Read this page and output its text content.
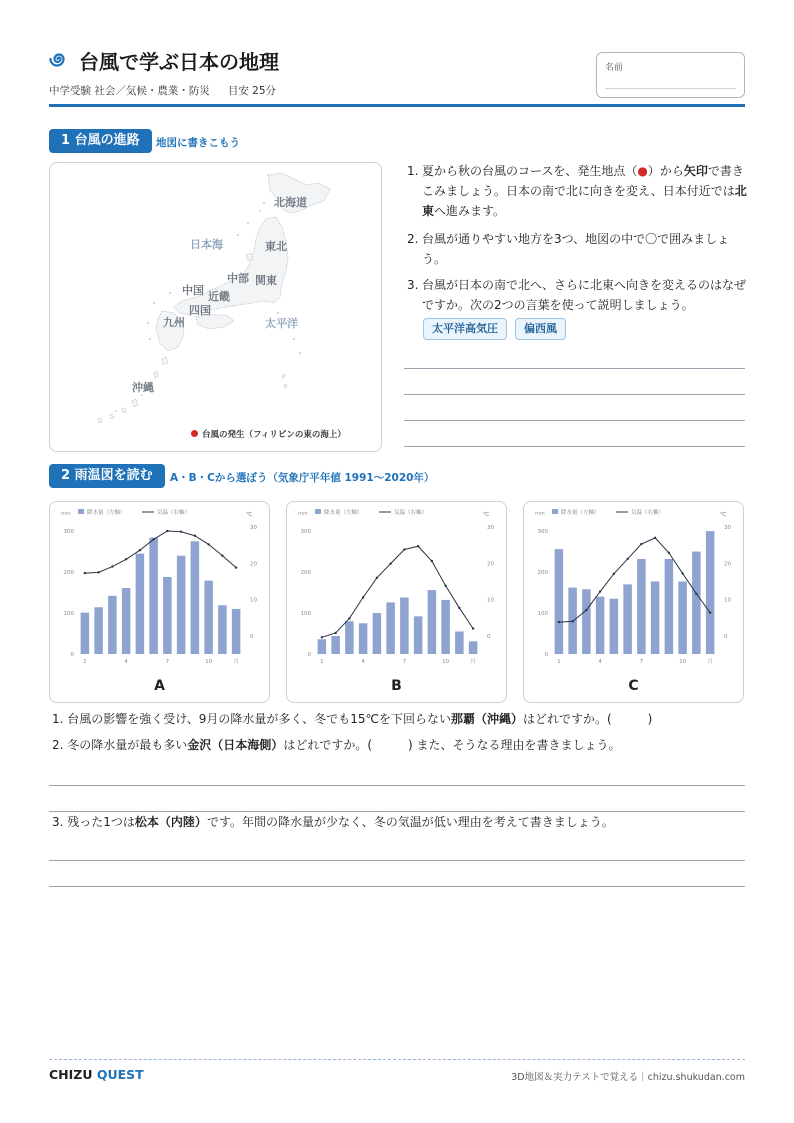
台風で学ぶ日本の地理
中学受験 社会／気候・農業・防災 目安 25分
名前
1 台風の進路	地図に書きこもう
北海道
日本海	東北
中部 関東
中国 近畿
四国
九州	太平洋
沖縄
台風の発生（フィリピンの東の海上）
1. 夏から秋の台風のコースを、発生地点（●）から矢印で書きこみましょう。日本の南で北に向きを変え、日本付近では北東へ進みます。
2. 台風が通りやすい地方を3つ、地図の中で〇で囲みましょう。
3. 台風が日本の南で北へ、さらに北東へ向きを変えるのはなぜですか。次の2つの言葉を使って説明しましょう。
太平洋高気圧	偏西風
2 雨温図を読む	A・B・Cから選ぼう（気象庁平年値 1991〜2020年）
mm	降水量（左軸）	気温（右軸）	℃
0
100
200
300
0
10
20
30
1	4	7	10	月
A
mm	降水量（左軸）	気温（右軸）	℃
0
100
200
300
0
10
20
30
1	4	7	10	月
B
mm	降水量（左軸）	気温（右軸）	℃
0
100
200
300
0
10
20
30
1	4	7	10	月
C
1. 台風の影響を強く受け、9月の降水量が多く、冬でも15℃を下回らない那覇（沖縄）はどれですか。(　　　)
2. 冬の降水量が最も多い金沢（日本海側）はどれですか。(　　　) また、そうなる理由を書きましょう。
3. 残った1つは松本（内陸）です。年間の降水量が少なく、冬の気温が低い理由を考えて書きましょう。
CHIZU QUEST	3D地図＆実力テストで覚える｜chizu.shukudan.com
